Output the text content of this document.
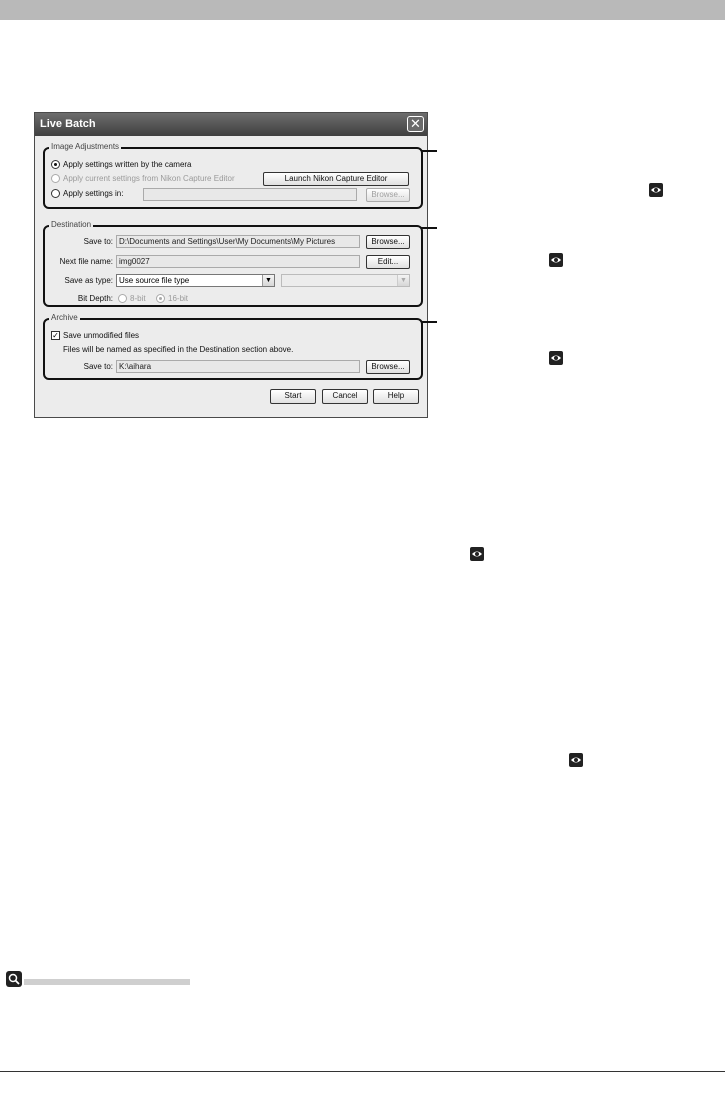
Live Batch	✕
Image Adjustments
Apply settings written by the camera
Apply current settings from Nikon Capture Editor	Launch Nikon Capture Editor
Apply settings in:	Browse...
Destination
Save to: D:\Documents and Settings\User\My Documents\My Pictures	Browse...
Next file name: img0027	Edit...
Save as type: Use source file type	▼	▼
Bit Depth: 8-bit	16-bit
Archive
✓ Save unmodified files
Files will be named as specified in the Destination section above.
Save to: K:\aihara	Browse...
Start	Cancel	Help
